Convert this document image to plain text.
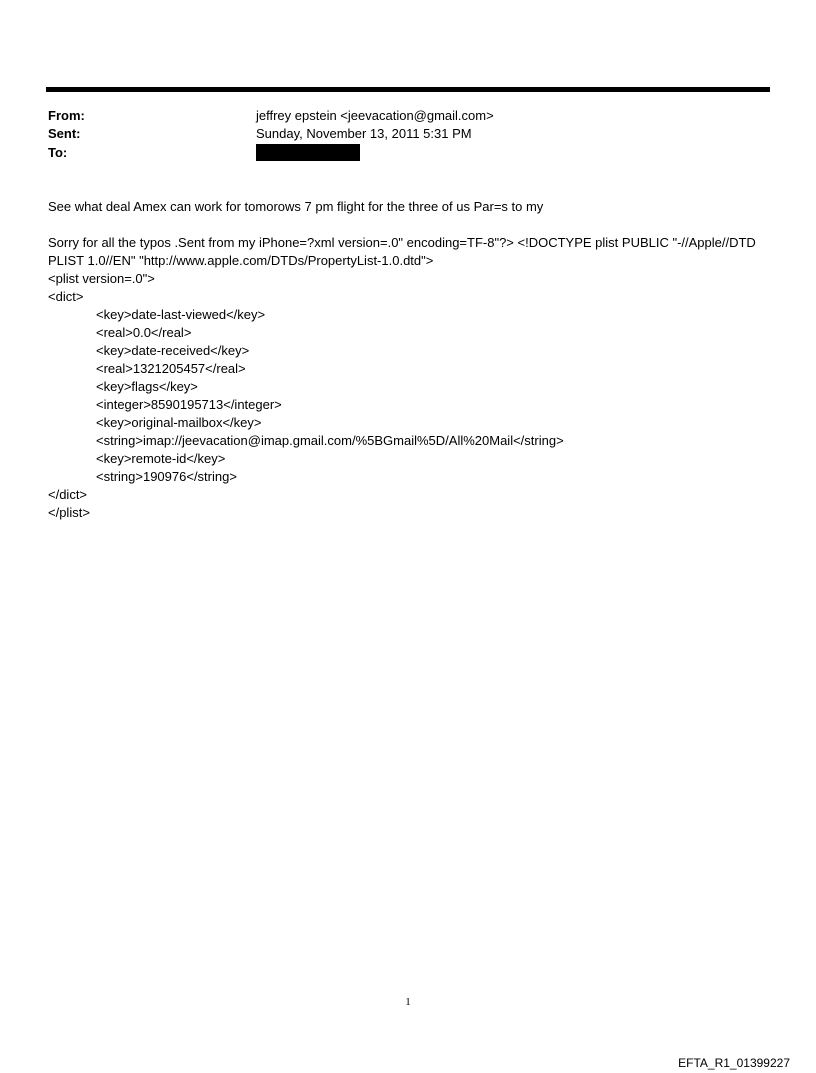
From:	jeffrey epstein <jeevacation@gmail.com>
Sent:	Sunday, November 13, 2011 5:31 PM
To:
See what deal Amex can work for tomorows 7 pm flight for the three of us Par=s to my
Sorry for all the typos .Sent from my iPhone=?xml version=.0" encoding=TF-8"?> <!DOCTYPE plist PUBLIC "-//Apple//DTD
PLIST 1.0//EN" "http://www.apple.com/DTDs/PropertyList-1.0.dtd">
<plist version=.0">
<dict>
<key>date-last-viewed</key>
<real>0.0</real>
<key>date-received</key>
<real>1321205457</real>
<key>flags</key>
<integer>8590195713</integer>
<key>original-mailbox</key>
<string>imap://jeevacation@imap.gmail.com/%5BGmail%5D/All%20Mail</string>
<key>remote-id</key>
<string>190976</string>
</dict>
</plist>
1
EFTA_R1_01399227
